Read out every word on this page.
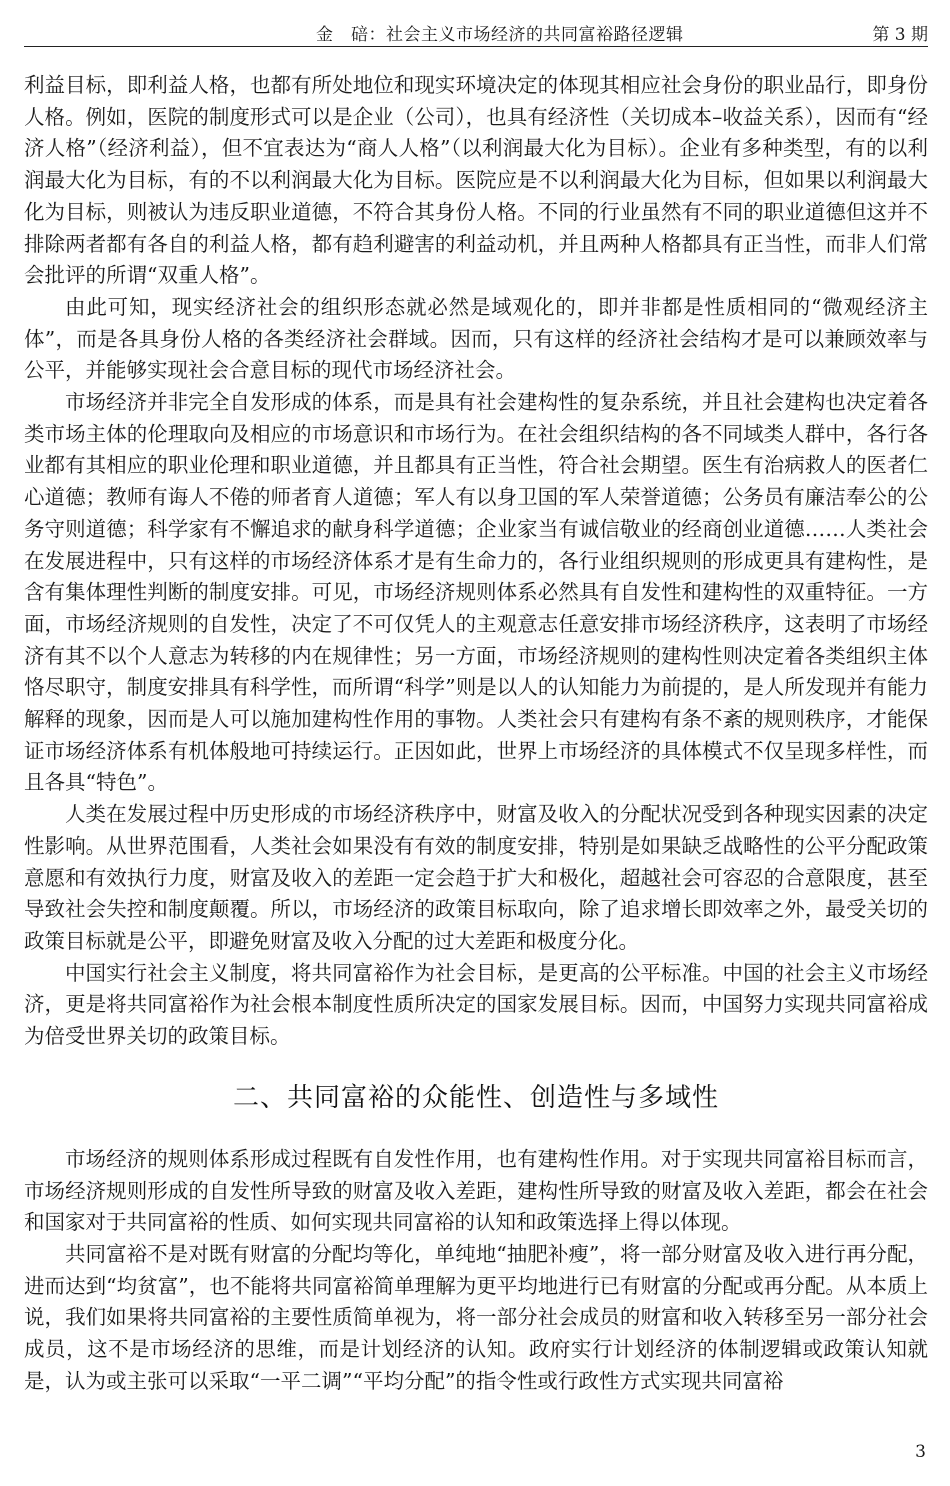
金　碚：社会主义市场经济的共同富裕路径逻辑	第 3 期

利益目标，即利益人格，也都有所处地位和现实环境决定的体现其相应社会身份的职业品行，即身份人格。例如，医院的制度形式可以是企业（公司），也具有经济性（关切成本–收益关系），因而有“经济人格”（经济利益），但不宜表达为“商人人格”（以利润最大化为目标）。企业有多种类型，有的以利润最大化为目标，有的不以利润最大化为目标。医院应是不以利润最大化为目标，但如果以利润最大化为目标，则被认为违反职业道德，不符合其身份人格。不同的行业虽然有不同的职业道德但这并不排除两者都有各自的利益人格，都有趋利避害的利益动机，并且两种人格都具有正当性，而非人们常会批评的所谓“双重人格”。

由此可知，现实经济社会的组织形态就必然是域观化的，即并非都是性质相同的“微观经济主体”，而是各具身份人格的各类经济社会群域。因而，只有这样的经济社会结构才是可以兼顾效率与公平，并能够实现社会合意目标的现代市场经济社会。

市场经济并非完全自发形成的体系，而是具有社会建构性的复杂系统，并且社会建构也决定着各类市场主体的伦理取向及相应的市场意识和市场行为。在社会组织结构的各不同域类人群中，各行各业都有其相应的职业伦理和职业道德，并且都具有正当性，符合社会期望。医生有治病救人的医者仁心道德；教师有诲人不倦的师者育人道德；军人有以身卫国的军人荣誉道德；公务员有廉洁奉公的公务守则道德；科学家有不懈追求的献身科学道德；企业家当有诚信敬业的经商创业道德……人类社会在发展进程中，只有这样的市场经济体系才是有生命力的，各行业组织规则的形成更具有建构性，是含有集体理性判断的制度安排。可见，市场经济规则体系必然具有自发性和建构性的双重特征。一方面，市场经济规则的自发性，决定了不可仅凭人的主观意志任意安排市场经济秩序，这表明了市场经济有其不以个人意志为转移的内在规律性；另一方面，市场经济规则的建构性则决定着各类组织主体恪尽职守，制度安排具有科学性，而所谓“科学”则是以人的认知能力为前提的，是人所发现并有能力解释的现象，因而是人可以施加建构性作用的事物。人类社会只有建构有条不紊的规则秩序，才能保证市场经济体系有机体般地可持续运行。正因如此，世界上市场经济的具体模式不仅呈现多样性，而且各具“特色”。

人类在发展过程中历史形成的市场经济秩序中，财富及收入的分配状况受到各种现实因素的决定性影响。从世界范围看，人类社会如果没有有效的制度安排，特别是如果缺乏战略性的公平分配政策意愿和有效执行力度，财富及收入的差距一定会趋于扩大和极化，超越社会可容忍的合意限度，甚至导致社会失控和制度颠覆。所以，市场经济的政策目标取向，除了追求增长即效率之外，最受关切的政策目标就是公平，即避免财富及收入分配的过大差距和极度分化。

中国实行社会主义制度，将共同富裕作为社会目标，是更高的公平标准。中国的社会主义市场经济，更是将共同富裕作为社会根本制度性质所决定的国家发展目标。因而，中国努力实现共同富裕成为倍受世界关切的政策目标。

二、共同富裕的众能性、创造性与多域性

市场经济的规则体系形成过程既有自发性作用，也有建构性作用。对于实现共同富裕目标而言，市场经济规则形成的自发性所导致的财富及收入差距，建构性所导致的财富及收入差距，都会在社会和国家对于共同富裕的性质、如何实现共同富裕的认知和政策选择上得以体现。

共同富裕不是对既有财富的分配均等化，单纯地“抽肥补瘦”，将一部分财富及收入进行再分配，进而达到“均贫富”，也不能将共同富裕简单理解为更平均地进行已有财富的分配或再分配。从本质上说，我们如果将共同富裕的主要性质简单视为，将一部分社会成员的财富和收入转移至另一部分社会成员，这不是市场经济的思维，而是计划经济的认知。政府实行计划经济的体制逻辑或政策认知就是，认为或主张可以采取“一平二调”“平均分配”的指令性或行政性方式实现共同富裕

3
